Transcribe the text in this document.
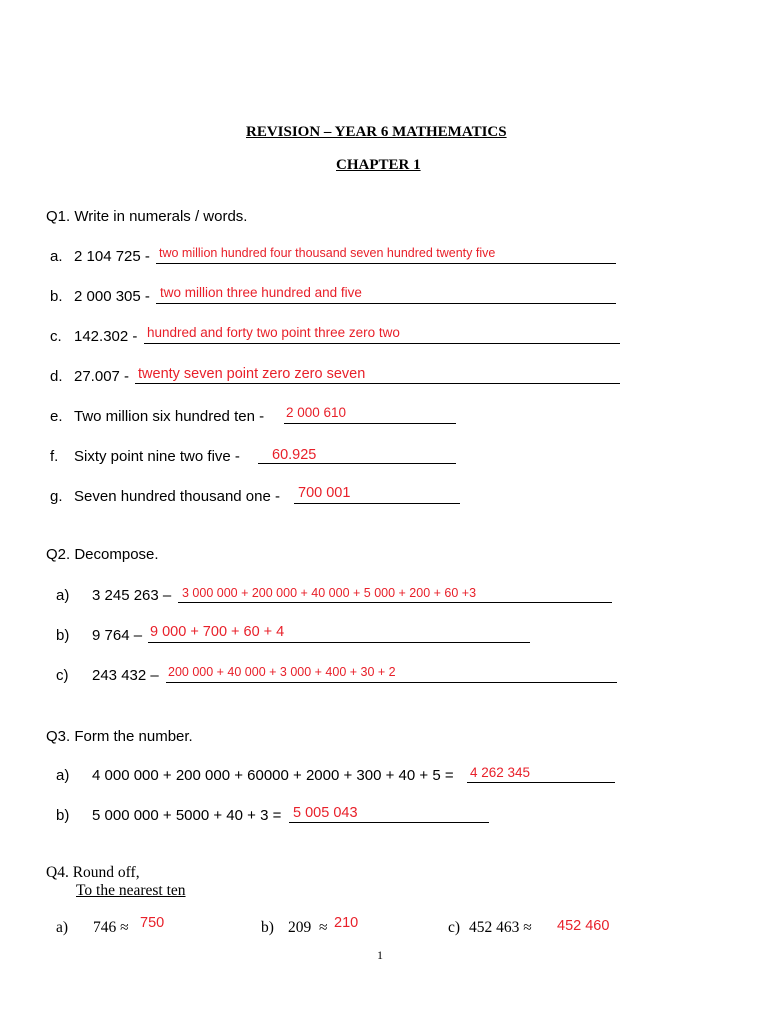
REVISION – YEAR 6 MATHEMATICS
CHAPTER 1
Q1. Write in numerals / words.
a. 2 104 725 - two million hundred four thousand seven hundred twenty five
b. 2 000 305 - two million three hundred and five
c. 142.302 - hundred and forty two point three zero two
d. 27.007 - twenty seven point zero zero seven
e. Two million six hundred ten - 2 000 610
f. Sixty point nine two five - 60.925
g. Seven hundred thousand one - 700 001
Q2. Decompose.
a) 3 245 263 – 3 000 000 + 200 000 + 40 000 + 5 000 + 200 + 60 +3
b) 9 764 – 9 000 + 700 + 60 + 4
c) 243 432 – 200 000 + 40 000 + 3 000 + 400 + 30 + 2
Q3. Form the number.
a) 4 000 000 + 200 000 + 60000 + 2000 + 300 + 40 + 5 = 4 262 345
b) 5 000 000 + 5000 + 40 + 3 = 5 005 043
Q4. Round off,
To the nearest ten
a) 746 ≈ 750	b) 209  ≈ 210	c) 452 463 ≈ 452 460
1
